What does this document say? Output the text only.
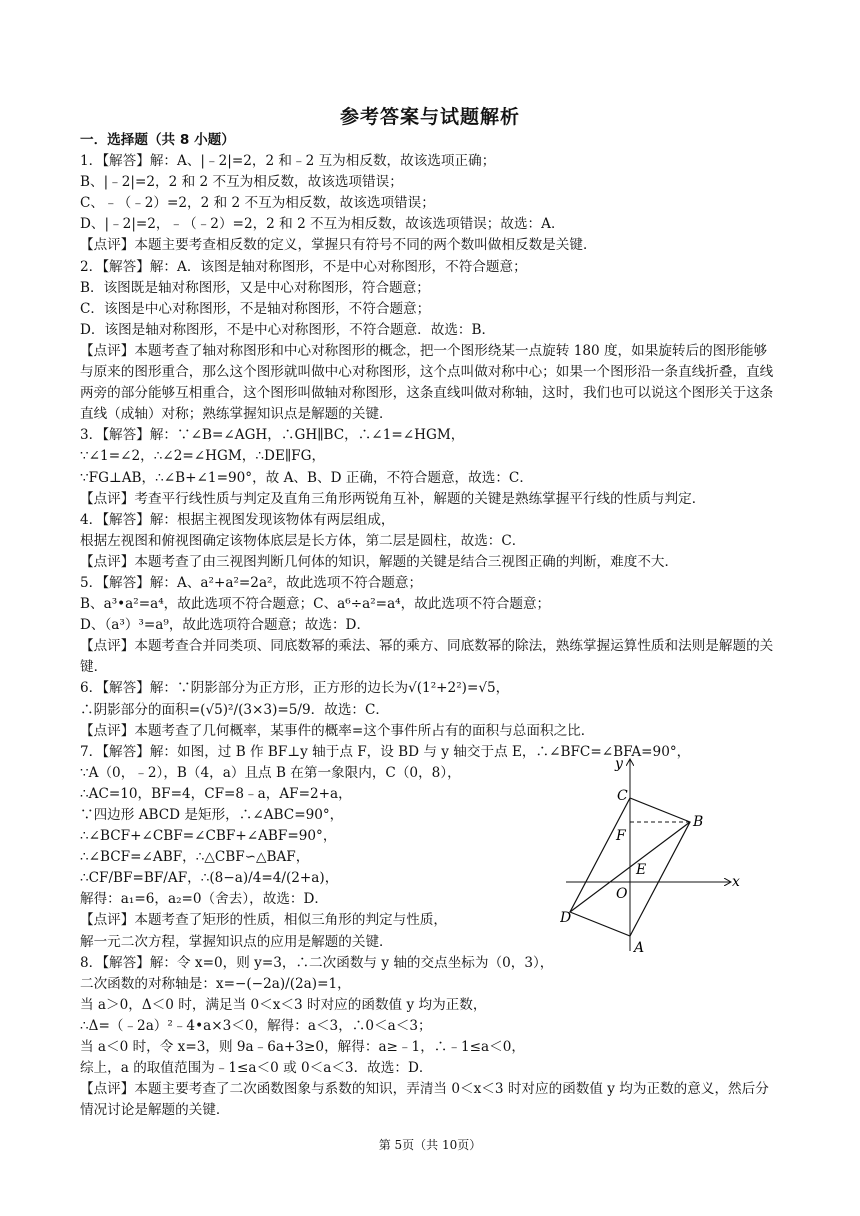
参考答案与试题解析

一．选择题（共 8 小题）

1．【解答】解：A、|﹣2|=2，2 和﹣2 互为相反数，故该选项正确；

B、|﹣2|=2，2 和 2 不互为相反数，故该选项错误；

C、﹣（﹣2）=2，2 和 2 不互为相反数，故该选项错误；

D、|﹣2|=2，﹣（﹣2）=2，2 和 2 不互为相反数，故该选项错误；故选：A．

【点评】本题主要考查相反数的定义，掌握只有符号不同的两个数叫做相反数是关键．

2．【解答】解：A．该图是轴对称图形，不是中心对称图形，不符合题意；

B．该图既是轴对称图形，又是中心对称图形，符合题意；

C．该图是中心对称图形，不是轴对称图形，不符合题意；

D．该图是轴对称图形，不是中心对称图形，不符合题意．故选：B．

【点评】本题考查了轴对称图形和中心对称图形的概念，把一个图形绕某一点旋转 180 度，如果旋转后的图形能够与原来的图形重合，那么这个图形就叫做中心对称图形，这个点叫做对称中心；如果一个图形沿一条直线折叠，直线两旁的部分能够互相重合，这个图形叫做轴对称图形，这条直线叫做对称轴，这时，我们也可以说这个图形关于这条直线（成轴）对称；熟练掌握知识点是解题的关键．

3．【解答】解：∵∠B=∠AGH，∴GH∥BC，∴∠1=∠HGM，

∵∠1=∠2，∴∠2=∠HGM，∴DE∥FG，

∵FG⊥AB，∴∠B+∠1=90°，故 A、B、D 正确，不符合题意，故选：C．

【点评】考查平行线性质与判定及直角三角形两锐角互补，解题的关键是熟练掌握平行线的性质与判定．

4．【解答】解：根据主视图发现该物体有两层组成，

根据左视图和俯视图确定该物体底层是长方体，第二层是圆柱，故选：C．

【点评】本题考查了由三视图判断几何体的知识，解题的关键是结合三视图正确的判断，难度不大．

5．【解答】解：A、a²+a²=2a²，故此选项不符合题意；

B、a³•a²=a⁴，故此选项不符合题意；C、a⁶÷a²=a⁴，故此选项不符合题意；

D、（a³）³=a⁹，故此选项符合题意；故选：D．

【点评】本题考查合并同类项、同底数幂的乘法、幂的乘方、同底数幂的除法，熟练掌握运算性质和法则是解题的关键．

6．【解答】解：∵阴影部分为正方形，正方形的边长为√(1²+2²)=√5，

∴阴影部分的面积=(√5)²/(3×3)=5/9．故选：C．

【点评】本题考查了几何概率，某事件的概率=这个事件所占有的面积与总面积之比．

7．【解答】解：如图，过 B 作 BF⊥y 轴于点 F，设 BD 与 y 轴交于点 E，∴∠BFC=∠BFA=90°，

∵A（0，﹣2），B（4，a）且点 B 在第一象限内，C（0，8），

∴AC=10，BF=4，CF=8﹣a，AF=2+a，

∵四边形 ABCD 是矩形，∴∠ABC=90°，

∴∠BCF+∠CBF=∠CBF+∠ABF=90°，

∴∠BCF=∠ABF，∴△CBF∽△BAF，

∴CF/BF=BF/AF，∴(8−a)/4=4/(2+a)，

解得：a₁=6，a₂=0（舍去），故选：D．

【点评】本题考查了矩形的性质，相似三角形的判定与性质，

解一元二次方程，掌握知识点的应用是解题的关键．

C
F
B
E
O
D
A
x
y

8．【解答】解：令 x=0，则 y=3，∴二次函数与 y 轴的交点坐标为（0，3），

二次函数的对称轴是：x=−(−2a)/(2a)=1，

当 a＞0，Δ＜0 时，满足当 0＜x＜3 时对应的函数值 y 均为正数，

∴Δ=（﹣2a）²﹣4•a×3＜0，解得：a＜3，∴0＜a＜3；

当 a＜0 时，令 x=3，则 9a﹣6a+3≥0，解得：a≥﹣1，∴﹣1≤a＜0，

综上，a 的取值范围为﹣1≤a＜0 或 0＜a＜3．故选：D．

【点评】本题主要考查了二次函数图象与系数的知识，弄清当 0＜x＜3 时对应的函数值 y 均为正数的意义，然后分情况讨论是解题的关键．

第 5页（共 10页）
